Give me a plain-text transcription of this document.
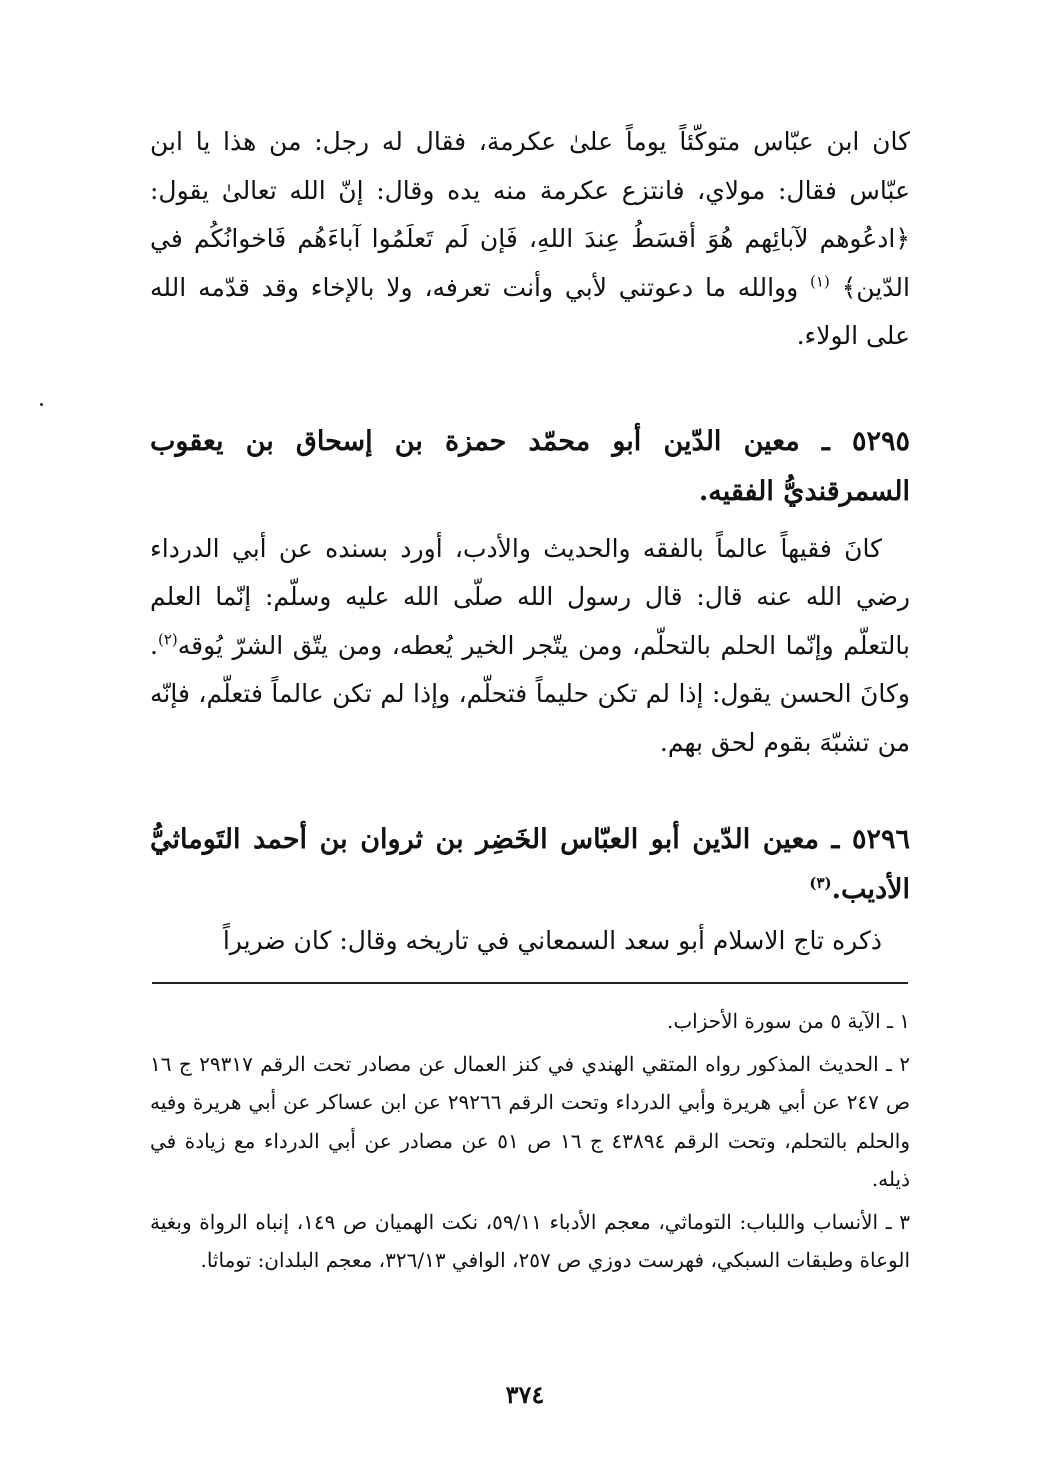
كان ابن عبّاس متوكّئاً يوماً علىٰ عكرمة، فقال له رجل: من هذا يا ابن عبّاس فقال: مولاي، فانتزع عكرمة منه يده وقال: إنّ الله تعالىٰ يقول: ﴿ادعُوهم لآبائِهم هُوَ أقسَطُ عِندَ اللهِ، فَإن لَم تَعلَمُوا آباءَهُم فَاخوانُكُم في الدّين﴾ $^{(١)}$ ووالله ما دعوتني لأبي وأنت تعرفه، ولا بالإخاء وقد قدّمه الله على الولاء.

٥٢٩٥ ـ معين الدّين أبو محمّد حمزة بن إسحاق بن يعقوب السمرقنديُّ الفقيه.

كانَ فقيهاً عالماً بالفقه والحديث والأدب، أورد بسنده عن أبي الدرداء رضي الله عنه قال: قال رسول الله صلّى الله عليه وسلّم: إنّما العلم بالتعلّم وإنّما الحلم بالتحلّم، ومن يتّجر الخير يُعطه، ومن يتّق الشرّ يُوقه$^{(٢)}$. وكانَ الحسن يقول: إذا لم تكن حليماً فتحلّم، وإذا لم تكن عالماً فتعلّم، فإنّه من تشبّهَ بقوم لحق بهم.

٥٢٩٦ ـ معين الدّين أبو العبّاس الخَضِر بن ثروان بن أحمد التَوماثيُّ الأديب.$^{(٣)}$

ذكره تاج الاسلام أبو سعد السمعاني في تاريخه وقال: كان ضريراً

١ ـ الآية ٥ من سورة الأحزاب.

٢ ـ الحديث المذكور رواه المتقي الهندي في كنز العمال عن مصادر تحت الرقم ٢٩٣١٧ ج ١٦ ص ٢٤٧ عن أبي هريرة وأبي الدرداء وتحت الرقم ٢٩٢٦٦ عن ابن عساكر عن أبي هريرة وفيه والحلم بالتحلم، وتحت الرقم ٤٣٨٩٤ ج ١٦ ص ٥١ عن مصادر عن أبي الدرداء مع زيادة في ذيله.

٣ ـ الأنساب واللباب: التوماثي، معجم الأدباء ٥٩/١١، نكت الهميان ص ١٤٩، إنباه الرواة وبغية الوعاة وطبقات السبكي، فهرست دوزي ص ٢٥٧، الوافي ٣٢٦/١٣، معجم البلدان: توماثا.

٣٧٤
